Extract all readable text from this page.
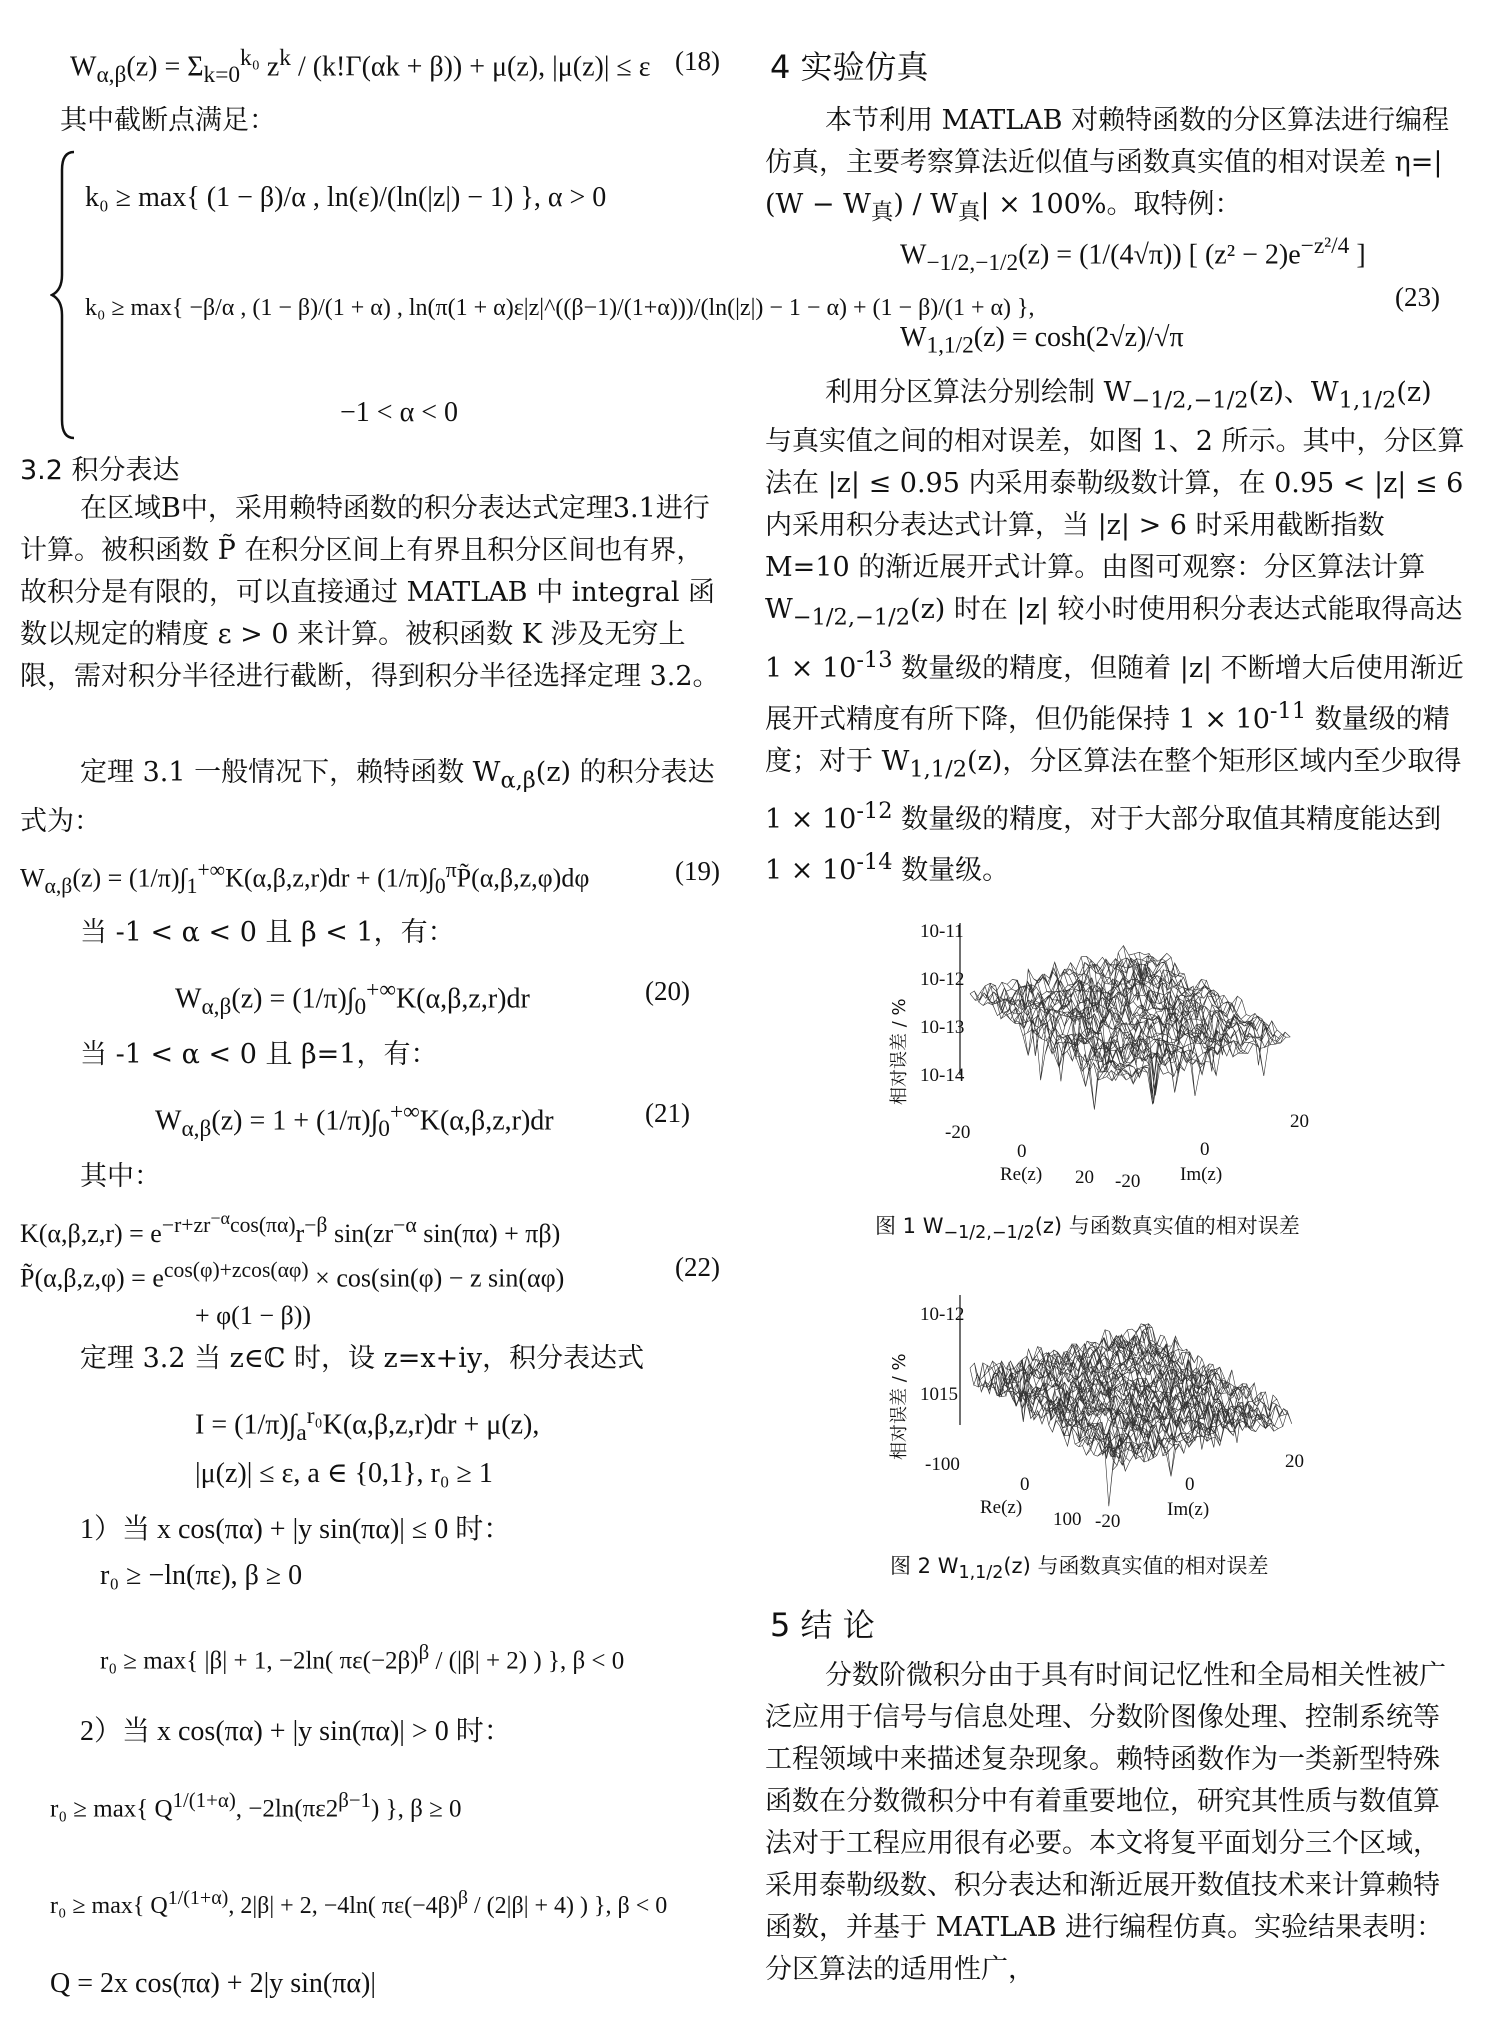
$W_{\alpha,\beta}(z) = \Sigma_{k=0}^{k_0}$ $z^k / (k!\Gamma(\alpha k + \beta)) + \mu(z)$, |μ(z)| ≤ ε (18)
其中截断点满足：
k₀ ≥ max{ (1 − β)/α , ln(ε)/(ln(|z|) − 1) }, α > 0
k₀ ≥ max{ −β/α , (1 − β)/(1 + α) , ln(π(1 + α)ε|z|^((β−1)/(1+α)))/(ln(|z|) − 1 − α) + (1 − β)/(1 + α) },
−1 < α < 0
3.2 积分表达
在区域B中，采用赖特函数的积分表达式定理3.1进行计算。被积函数 P̃ 在积分区间上有界且积分区间也有界，故积分是有限的，可以直接通过 MATLAB 中 integral 函数以规定的精度 ε > 0 来计算。被积函数 K 涉及无穷上限，需对积分半径进行截断，得到积分半径选择定理 3.2。
定理 3.1 一般情况下，赖特函数 $W_{\alpha,\beta}(z)$ 的积分表达式为：
$W_{\alpha,\beta}(z) = (1/\pi)\int_1^{+\infty}K(\alpha,\beta,z,r)dr$ + $(1/\pi)\int_0^\pi P̃(\alpha,\beta,z,\varphi)d\varphi$	(19)
当 -1 < α < 0 且 β < 1，有：
$W_{\alpha,\beta}(z) = (1/\pi)\int_0^{+\infty}K(\alpha,\beta,z,r)dr$	(20)
当 -1 < α < 0 且 β=1，有：
$W_{\alpha,\beta}(z) = 1 + (1/\pi)\int_0^{+\infty}K(\alpha,\beta,z,r)dr$	(21)
其中：
$K(\alpha,\beta,z,r) = e^{-r+zr^{-\alpha}cos(\pi\alpha)}r^{-\beta}$ $\sin(zr^{-\alpha}$ sin(πα) + πβ)
P̃(α,β,z,φ) = $e^{cos(\varphi)+zcos(\alpha\varphi)} \times \cos(\sin(\varphi) - z$ sin(αφ)	(22)
+ φ(1 − β))
定理 3.2 当 z∈ℂ 时，设 z=x+iy，积分表达式
$I = (1/\pi)\int_a^{r_0}K(\alpha,\beta,z,r)dr + \mu(z)$,
|μ(z)| ≤ ε, a ∈ {0,1}, r₀ ≥ 1
1）当 x cos(πα) + |y sin(πα)| ≤ 0 时：
r₀ ≥ −ln(πε), β ≥ 0
r₀ ≥ max{ |β| + 1, −2ln( $\pi\varepsilon(-2\beta)^\beta / (|\beta| + 2)$ ) }, β < 0
2）当 x cos(πα) + |y sin(πα)| > 0 时：
r₀ ≥ max{ $Q^{1/(1+\alpha)}$, $-2\ln(\pi\varepsilon 2^{\beta-1})$ }, β ≥ 0
r₀ ≥ max{ $Q^{1/(1+\alpha)}$, 2|β| + 2, −4ln( $\pi\varepsilon(-4\beta)^\beta / (2|\beta| + 4)$ ) }, β < 0
Q = 2x cos(πα) + 2|y sin(πα)|
4 实验仿真
本节利用 MATLAB 对赖特函数的分区算法进行编程仿真，主要考察算法近似值与函数真实值的相对误差 $\eta=|(W - W_真) / W_真| \times 100\%$。取特例：
$W_{-1/2,-1/2}(z) = (1/(4√\pi))$ [ $(z^2 - 2)e^{-z^2/4}$ ]
(23)
$W_{1,1/2}(z) = \cosh(2√z)/√\pi$
利用分区算法分别绘制 $W_{-1/2,-1/2}(z)$、$W_{1,1/2}(z)$ 与真实值之间的相对误差，如图 1、2 所示。其中，分区算法在 |z| ≤ 0.95 内采用泰勒级数计算，在 0.95 < |z| ≤ 6 内采用积分表达式计算，当 |z| > 6 时采用截断指数 M=10 的渐近展开式计算。由图可观察：分区算法计算 $W_{-1/2,-1/2}(z)$ 时在 |z| 较小时使用积分表达式能取得高达 $1 \times 10^{-13}$ 数量级的精度，但随着 |z| 不断增大后使用渐近展开式精度有所下降，但仍能保持 $1 \times 10^{-11}$ 数量级的精度；对于 $W_{1,1/2}(z)$，分区算法在整个矩形区域内至少取得 $1 \times 10^{-12}$ 数量级的精度，对于大部分取值其精度能达到 $1 \times 10^{-14}$ 数量级。
相对误差 / %
10-11
10-12
10-13
10-14
-20
0
20
Re(z)
20
0
-20 Im(z)
图 1 $W_{-1/2,-1/2}(z)$ 与函数真实值的相对误差
相对误差 / %
10-12
1015
-100
0
100
Re(z)
20
0
-20
Im(z)
图 2 $W_{1,1/2}(z)$ 与函数真实值的相对误差
5 结 论
分数阶微积分由于具有时间记忆性和全局相关性被广泛应用于信号与信息处理、分数阶图像处理、控制系统等工程领域中来描述复杂现象。赖特函数作为一类新型特殊函数在分数微积分中有着重要地位，研究其性质与数值算法对于工程应用很有必要。本文将复平面划分三个区域，采用泰勒级数、积分表达和渐近展开数值技术来计算赖特函数，并基于 MATLAB 进行编程仿真。实验结果表明：分区算法的适用性广，
